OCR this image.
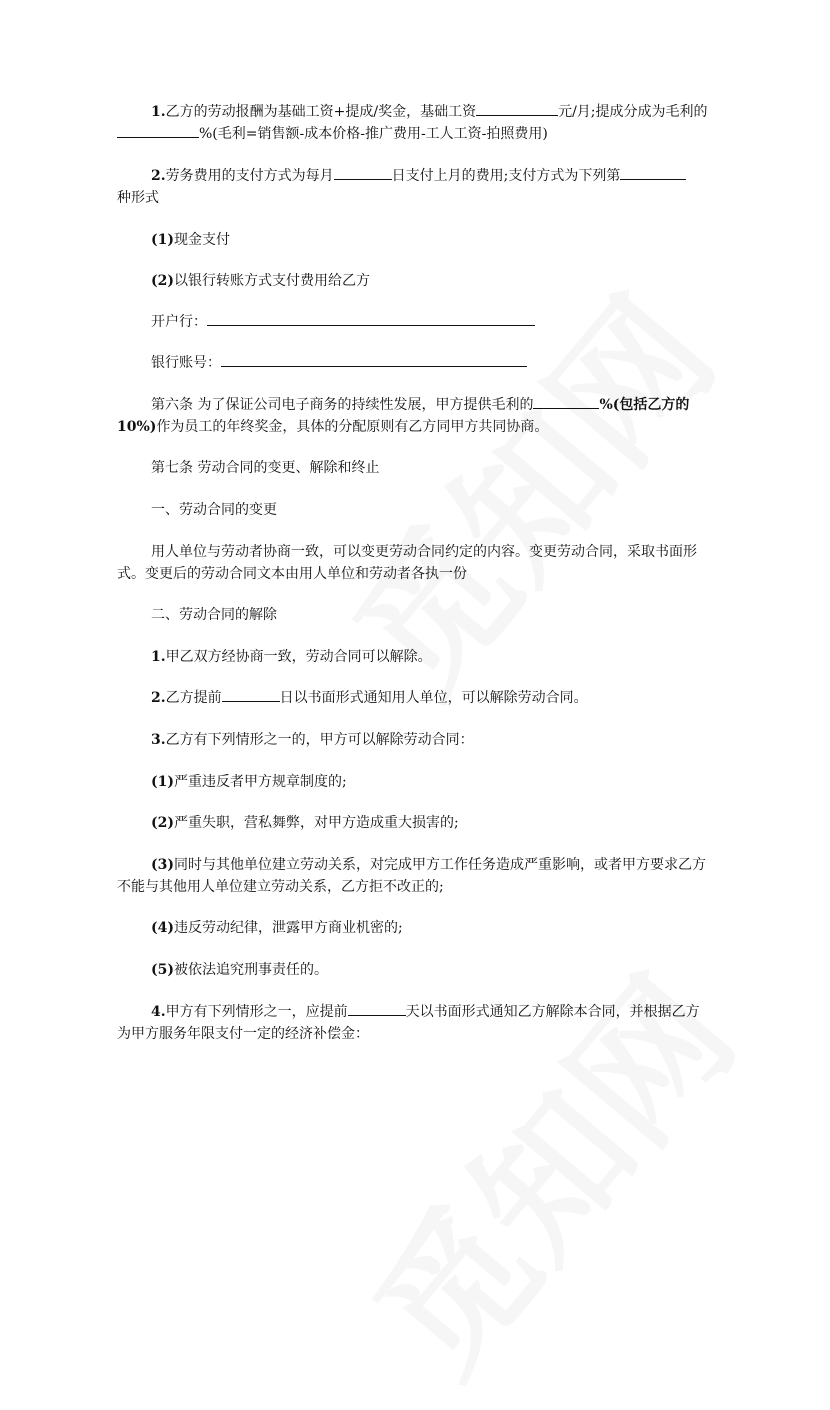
1.乙方的劳动报酬为基础工资+提成/奖金，基础工资	元/月;提成分成为毛利的

%(毛利=销售额-成本价格-推广费用-工人工资-拍照费用)

2.劳务费用的支付方式为每月	日支付上月的费用;支付方式为下列第

种形式

(1)现金支付

(2)以银行转账方式支付费用给乙方

开户行：

银行账号：

第六条 为了保证公司电子商务的持续性发展，甲方提供毛利的	%(包括乙方的

10%)作为员工的年终奖金，具体的分配原则有乙方同甲方共同协商。

第七条 劳动合同的变更、解除和终止

一、劳动合同的变更

用人单位与劳动者协商一致，可以变更劳动合同约定的内容。变更劳动合同，采取书面形

式。变更后的劳动合同文本由用人单位和劳动者各执一份

二、劳动合同的解除

1.甲乙双方经协商一致，劳动合同可以解除。

2.乙方提前	日以书面形式通知用人单位，可以解除劳动合同。

3.乙方有下列情形之一的，甲方可以解除劳动合同：

(1)严重违反者甲方规章制度的;

(2)严重失职，营私舞弊，对甲方造成重大损害的;

(3)同时与其他单位建立劳动关系，对完成甲方工作任务造成严重影响，或者甲方要求乙方

不能与其他用人单位建立劳动关系，乙方拒不改正的;

(4)违反劳动纪律，泄露甲方商业机密的;

(5)被依法追究刑事责任的。

4.甲方有下列情形之一，应提前	天以书面形式通知乙方解除本合同，并根据乙方

为甲方服务年限支付一定的经济补偿金：
